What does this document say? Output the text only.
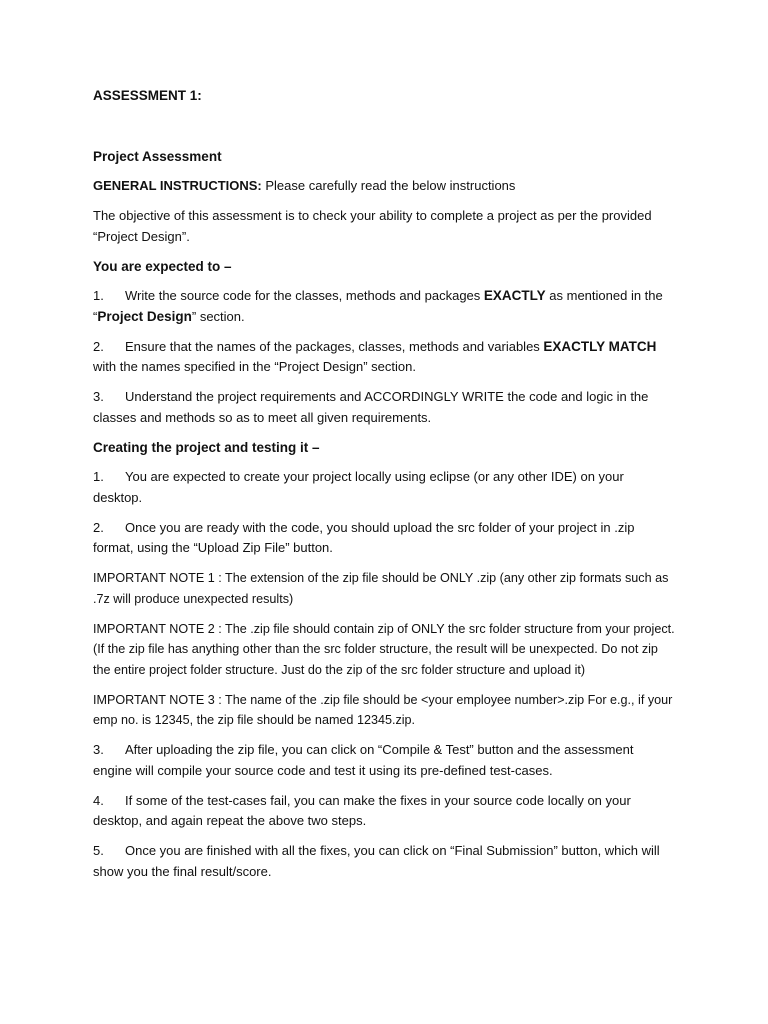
ASSESSMENT 1:
Project Assessment
GENERAL INSTRUCTIONS: Please carefully read the below instructions
The objective of this assessment is to check your ability to complete a project as per the provided “Project Design”.
You are expected to –
1. Write the source code for the classes, methods and packages EXACTLY as mentioned in the “Project Design” section.
2. Ensure that the names of the packages, classes, methods and variables EXACTLY MATCH with the names specified in the “Project Design” section.
3. Understand the project requirements and ACCORDINGLY WRITE the code and logic in the classes and methods so as to meet all given requirements.
Creating the project and testing it –
1. You are expected to create your project locally using eclipse (or any other IDE) on your desktop.
2. Once you are ready with the code, you should upload the src folder of your project in .zip format, using the “Upload Zip File” button.
IMPORTANT NOTE 1 : The extension of the zip file should be ONLY .zip (any other zip formats such as .7z will produce unexpected results)
IMPORTANT NOTE 2 : The .zip file should contain zip of ONLY the src folder structure from your project. (If the zip file has anything other than the src folder structure, the result will be unexpected. Do not zip the entire project folder structure. Just do the zip of the src folder structure and upload it)
IMPORTANT NOTE 3 : The name of the .zip file should be <your employee number>.zip For e.g., if your emp no. is 12345, the zip file should be named 12345.zip.
3. After uploading the zip file, you can click on “Compile & Test” button and the assessment engine will compile your source code and test it using its pre-defined test-cases.
4. If some of the test-cases fail, you can make the fixes in your source code locally on your desktop, and again repeat the above two steps.
5. Once you are finished with all the fixes, you can click on “Final Submission” button, which will show you the final result/score.
